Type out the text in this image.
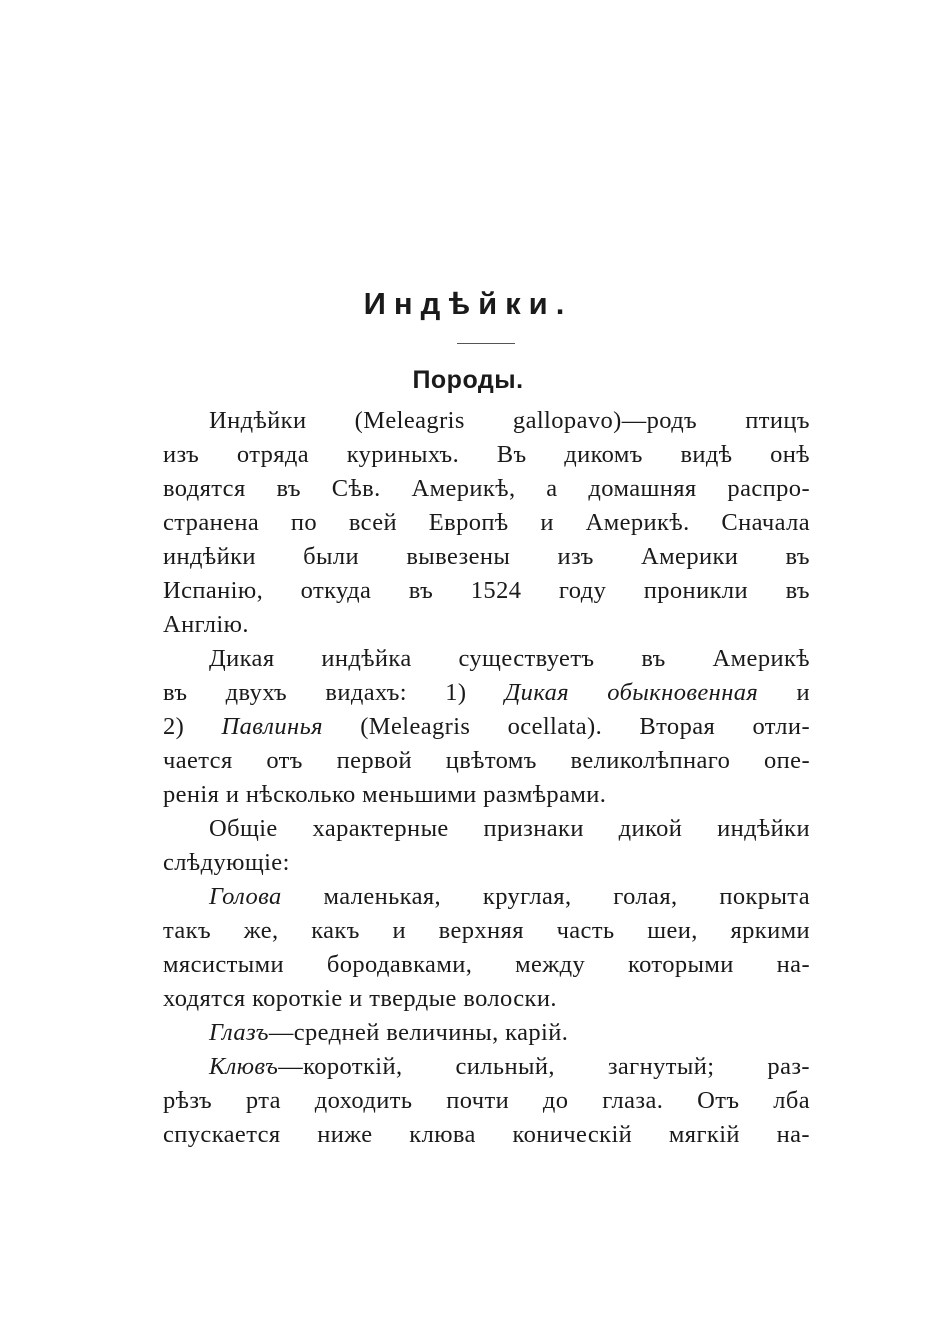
Индѣйки.
Породы.
Индѣйки (Meleagris gallopavo)—родъ птицъ
изъ отряда куриныхъ. Въ дикомъ видѣ онѣ
водятся въ Сѣв. Америкѣ, а домашняя распро-
странена по всей Европѣ и Америкѣ. Сначала
индѣйки были вывезены изъ Америки въ
Испанію, откуда въ 1524 году проникли въ
Англію.
Дикая индѣйка существуетъ въ Америкѣ
въ двухъ видахъ: 1) Дикая обыкновенная и
2) Павлинья (Meleagris ocellata). Вторая отли-
чается отъ первой цвѣтомъ великолѣпнаго опе-
ренія и нѣсколько меньшими размѣрами.
Общіе характерные признаки дикой индѣйки
слѣдующіе:
Голова маленькая, круглая, голая, покрыта
такъ же, какъ и верхняя часть шеи, яркими
мясистыми бородавками, между которыми на-
ходятся короткіе и твердые волоски.
Глазъ—средней величины, карій.
Клювъ—короткій, сильный, загнутый; раз-
рѣзъ рта доходить почти до глаза. Отъ лба
спускается ниже клюва коническій мягкій на-
